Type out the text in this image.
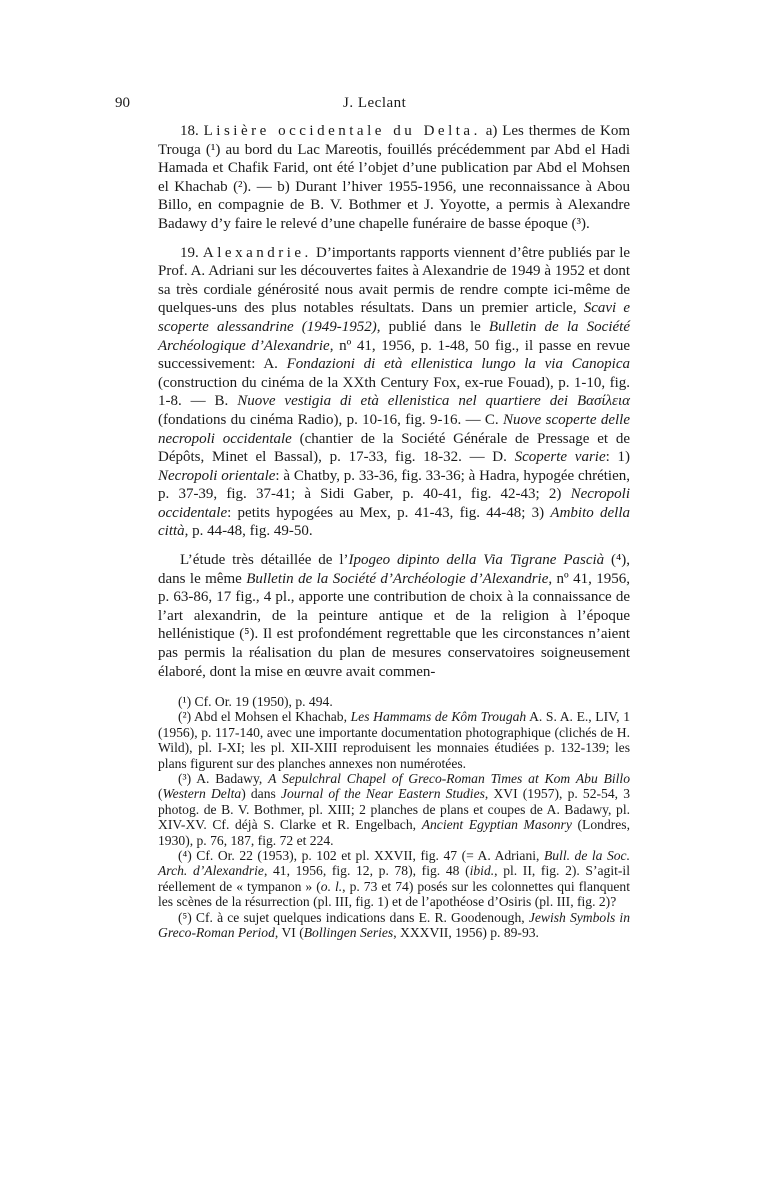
90	J. Leclant

18. Lisière occidentale du Delta. a) Les thermes de Kom Trouga (¹) au bord du Lac Mareotis, fouillés précédemment par Abd el Hadi Hamada et Chafik Farid, ont été l’objet d’une publication par Abd el Mohsen el Khachab (²). — b) Durant l’hiver 1955-1956, une reconnaissance à Abou Billo, en compagnie de B. V. Bothmer et J. Yoyotte, a permis à Alexandre Badawy d’y faire le relevé d’une chapelle funéraire de basse époque (³).

19. Alexandrie. D’importants rapports viennent d’être publiés par le Prof. A. Adriani sur les découvertes faites à Alexandrie de 1949 à 1952 et dont sa très cordiale générosité nous avait permis de rendre compte ici-même de quelques-uns des plus notables résultats. Dans un premier article, Scavi e scoperte alessandrine (1949-1952), publié dans le Bulletin de la Société Archéologique d’Alexandrie, nº 41, 1956, p. 1-48, 50 fig., il passe en revue successivement: A. Fondazioni di età ellenistica lungo la via Canopica (construction du cinéma de la XXth Century Fox, ex-rue Fouad), p. 1-10, fig. 1-8. — B. Nuove vestigia di età ellenistica nel quartiere dei Βασίλεια (fondations du cinéma Radio), p. 10-16, fig. 9-16. — C. Nuove scoperte delle necropoli occidentale (chantier de la Société Générale de Pressage et de Dépôts, Minet el Bassal), p. 17-33, fig. 18-32. — D. Scoperte varie: 1) Necropoli orientale: à Chatby, p. 33-36, fig. 33-36; à Hadra, hypogée chrétien, p. 37-39, fig. 37-41; à Sidi Gaber, p. 40-41, fig. 42-43; 2) Necropoli occidentale: petits hypogées au Mex, p. 41-43, fig. 44-48; 3) Ambito della città, p. 44-48, fig. 49-50.

L’étude très détaillée de l’Ipogeo dipinto della Via Tigrane Pascià (⁴), dans le même Bulletin de la Société d’Archéologie d’Alexandrie, nº 41, 1956, p. 63-86, 17 fig., 4 pl., apporte une contribution de choix à la connaissance de l’art alexandrin, de la peinture antique et de la religion à l’époque hellénistique (⁵). Il est profondément regrettable que les circonstances n’aient pas permis la réalisation du plan de mesures conservatoires soigneusement élaboré, dont la mise en œuvre avait commen-

(¹) Cf. Or. 19 (1950), p. 494.

(²) Abd el Mohsen el Khachab, Les Hammams de Kôm Trougah A. S. A. E., LIV, 1 (1956), p. 117-140, avec une importante documentation photographique (clichés de H. Wild), pl. I-XI; les pl. XII-XIII reproduisent les monnaies étudiées p. 132-139; les plans figurent sur des planches annexes non numérotées.

(³) A. Badawy, A Sepulchral Chapel of Greco-Roman Times at Kom Abu Billo (Western Delta) dans Journal of the Near Eastern Studies, XVI (1957), p. 52-54, 3 photog. de B. V. Bothmer, pl. XIII; 2 planches de plans et coupes de A. Badawy, pl. XIV-XV. Cf. déjà S. Clarke et R. Engelbach, Ancient Egyptian Masonry (Londres, 1930), p. 76, 187, fig. 72 et 224.

(⁴) Cf. Or. 22 (1953), p. 102 et pl. XXVII, fig. 47 (= A. Adriani, Bull. de la Soc. Arch. d’Alexandrie, 41, 1956, fig. 12, p. 78), fig. 48 (ibid., pl. II, fig. 2). S’agit-il réellement de « tympanon » (o. l., p. 73 et 74) posés sur les colonnettes qui flanquent les scènes de la résurrection (pl. III, fig. 1) et de l’apothéose d’Osiris (pl. III, fig. 2)?

(⁵) Cf. à ce sujet quelques indications dans E. R. Goodenough, Jewish Symbols in Greco-Roman Period, VI (Bollingen Series, XXXVII, 1956) p. 89-93.
